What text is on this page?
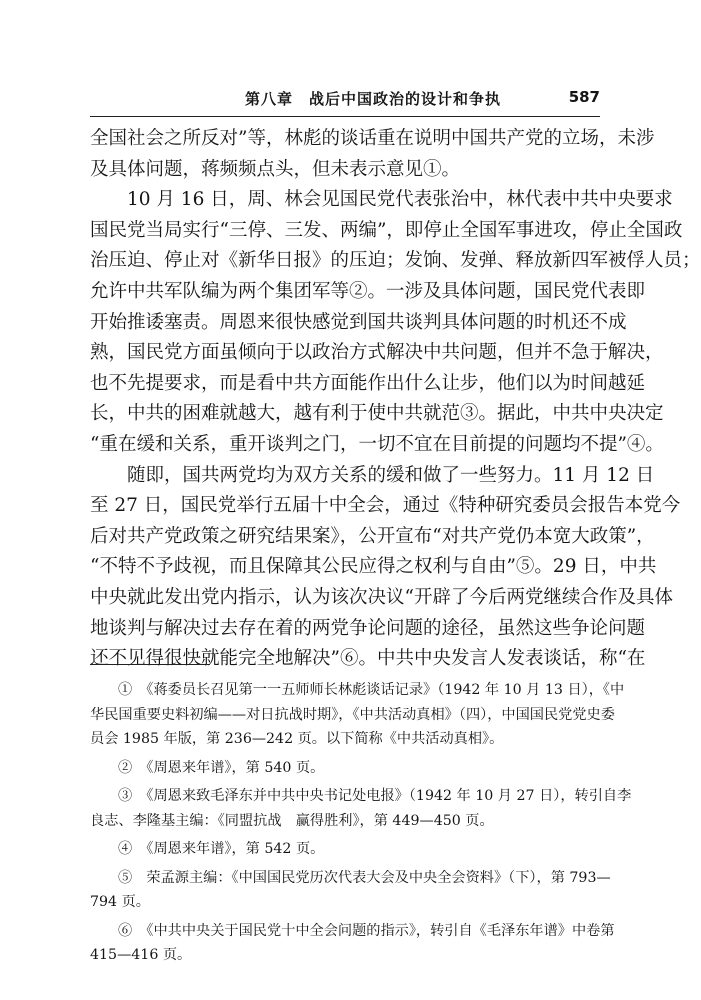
第八章　战后中国政治的设计和争执	587
全国社会之所反对”等，林彪的谈话重在说明中国共产党的立场，未涉
及具体问题，蒋频频点头，但未表示意见①。
10 月 16 日，周、林会见国民党代表张治中，林代表中共中央要求
国民党当局实行“三停、三发、两编”，即停止全国军事进攻，停止全国政
治压迫、停止对《新华日报》的压迫；发饷、发弹、释放新四军被俘人员；
允许中共军队编为两个集团军等②。一涉及具体问题，国民党代表即
开始推诿塞责。周恩来很快感觉到国共谈判具体问题的时机还不成
熟，国民党方面虽倾向于以政治方式解决中共问题，但并不急于解决，
也不先提要求，而是看中共方面能作出什么让步，他们以为时间越延
长，中共的困难就越大，越有利于使中共就范③。据此，中共中央决定
“重在缓和关系，重开谈判之门，一切不宜在目前提的问题均不提”④。
随即，国共两党均为双方关系的缓和做了一些努力。11 月 12 日
至 27 日，国民党举行五届十中全会，通过《特种研究委员会报告本党今
后对共产党政策之研究结果案》，公开宣布“对共产党仍本宽大政策”，
“不特不予歧视，而且保障其公民应得之权利与自由”⑤。29 日，中共
中央就此发出党内指示，认为该次决议“开辟了今后两党继续合作及具体
地谈判与解决过去存在着的两党争论问题的途径，虽然这些争论问题
还不见得很快就能完全地解决”⑥。中共中央发言人发表谈话，称“在
①　《蒋委员长召见第一一五师师长林彪谈话记录》（1942 年 10 月 13 日），《中
华民国重要史料初编——对日抗战时期》，《中共活动真相》（四），中国国民党党史委
员会 1985 年版，第 236—242 页。以下简称《中共活动真相》。
②　《周恩来年谱》，第 540 页。
③　《周恩来致毛泽东并中共中央书记处电报》（1942 年 10 月 27 日），转引自李
良志、李隆基主编：《同盟抗战　赢得胜利》，第 449—450 页。
④　《周恩来年谱》，第 542 页。
⑤　荣孟源主编：《中国国民党历次代表大会及中央全会资料》（下），第 793—
794 页。
⑥　《中共中央关于国民党十中全会问题的指示》，转引自《毛泽东年谱》中卷第
415—416 页。
